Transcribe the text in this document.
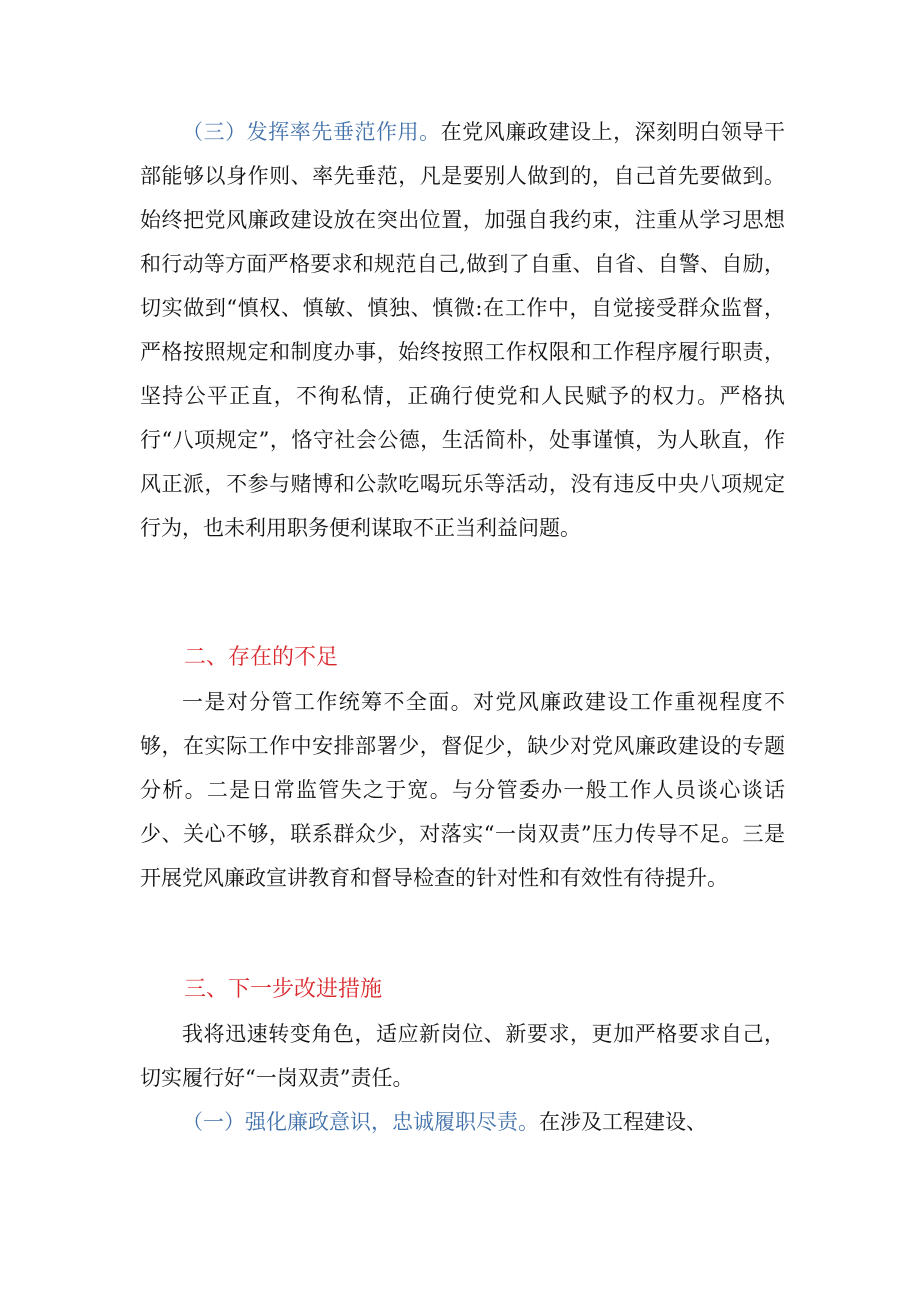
（三）发挥率先垂范作用。在党风廉政建设上，深刻明白领导干部能够以身作则、率先垂范，凡是要别人做到的，自己首先要做到。始终把党风廉政建设放在突出位置，加强自我约束，注重从学习思想和行动等方面严格要求和规范自己,做到了自重、自省、自警、自励，切实做到“慎权、慎敏、慎独、慎微:在工作中，自觉接受群众监督，严格按照规定和制度办事，始终按照工作权限和工作程序履行职责，坚持公平正直，不徇私情，正确行使党和人民赋予的权力。严格执行“八项规定”，恪守社会公德，生活简朴，处事谨慎，为人耿直，作风正派，不参与赌博和公款吃喝玩乐等活动，没有违反中央八项规定行为，也未利用职务便利谋取不正当利益问题。

二、存在的不足

一是对分管工作统筹不全面。对党风廉政建设工作重视程度不够，在实际工作中安排部署少，督促少，缺少对党风廉政建设的专题分析。二是日常监管失之于宽。与分管委办一般工作人员谈心谈话少、关心不够，联系群众少，对落实“一岗双责”压力传导不足。三是开展党风廉政宣讲教育和督导检查的针对性和有效性有待提升。

三、下一步改进措施

我将迅速转变角色，适应新岗位、新要求，更加严格要求自己，切实履行好“一岗双责”责任。

（一）强化廉政意识，忠诚履职尽责。在涉及工程建设、
